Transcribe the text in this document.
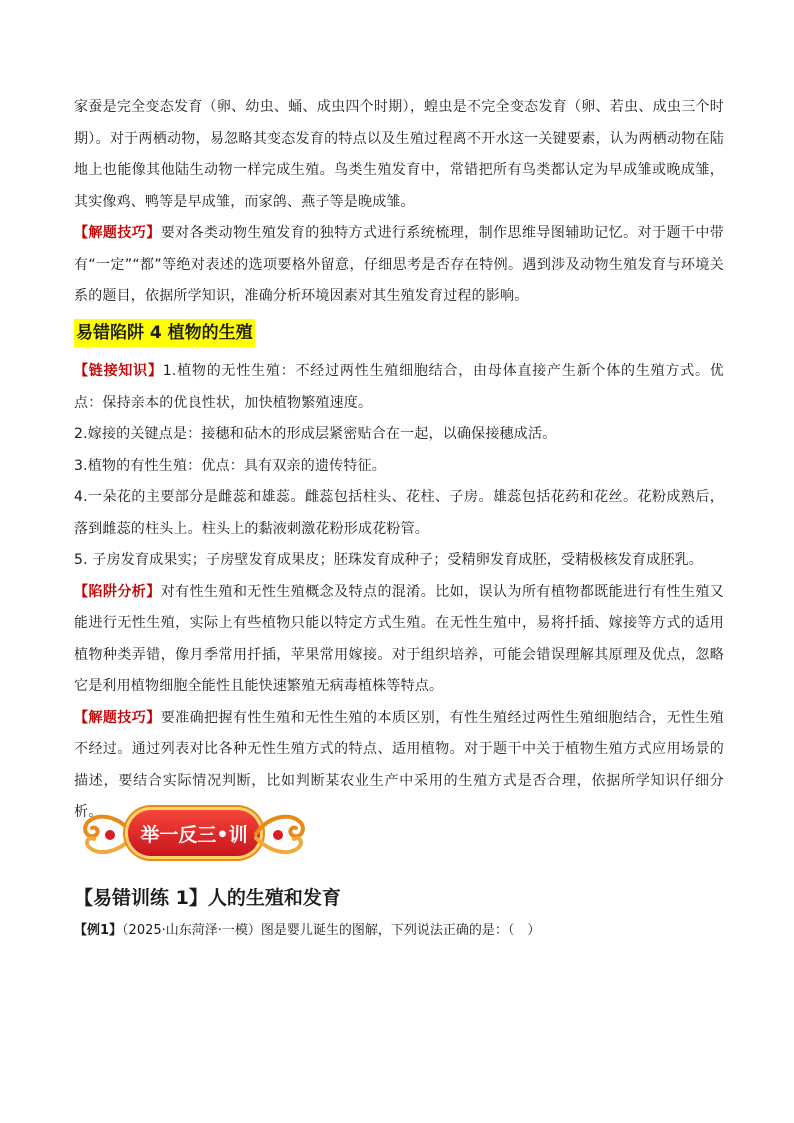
家蚕是完全变态发育（卵、幼虫、蛹、成虫四个时期），蝗虫是不完全变态发育（卵、若虫、成虫三个时期）。对于两栖动物，易忽略其变态发育的特点以及生殖过程离不开水这一关键要素，认为两栖动物在陆地上也能像其他陆生动物一样完成生殖。鸟类生殖发育中，常错把所有鸟类都认定为早成雏或晚成雏，其实像鸡、鸭等是早成雏，而家鸽、燕子等是晚成雏。

【解题技巧】要对各类动物生殖发育的独特方式进行系统梳理，制作思维导图辅助记忆。对于题干中带有“一定”“都”等绝对表述的选项要格外留意，仔细思考是否存在特例。遇到涉及动物生殖发育与环境关系的题目，依据所学知识，准确分析环境因素对其生殖发育过程的影响。

易错陷阱 4 植物的生殖

【链接知识】1.植物的无性生殖：不经过两性生殖细胞结合，由母体直接产生新个体的生殖方式。优点：保持亲本的优良性状，加快植物繁殖速度。

2.嫁接的关键点是：接穗和砧木的形成层紧密贴合在一起，以确保接穗成活。

3.植物的有性生殖：优点：具有双亲的遗传特征。

4.一朵花的主要部分是雌蕊和雄蕊。雌蕊包括柱头、花柱、子房。雄蕊包括花药和花丝。花粉成熟后，落到雌蕊的柱头上。柱头上的黏液刺激花粉形成花粉管。

5. 子房发育成果实；子房壁发育成果皮；胚珠发育成种子；受精卵发育成胚，受精极核发育成胚乳。

【陷阱分析】对有性生殖和无性生殖概念及特点的混淆。比如，误认为所有植物都既能进行有性生殖又能进行无性生殖，实际上有些植物只能以特定方式生殖。在无性生殖中，易将扦插、嫁接等方式的适用植物种类弄错，像月季常用扦插，苹果常用嫁接。对于组织培养，可能会错误理解其原理及优点，忽略它是利用植物细胞全能性且能快速繁殖无病毒植株等特点。

【解题技巧】要准确把握有性生殖和无性生殖的本质区别，有性生殖经过两性生殖细胞结合，无性生殖不经过。通过列表对比各种无性生殖方式的特点、适用植物。对于题干中关于植物生殖方式应用场景的描述，要结合实际情况判断，比如判断某农业生产中采用的生殖方式是否合理，依据所学知识仔细分析。

举一反三•训
【易错训练 1】人的生殖和发育
【例1】（2025·山东菏泽·一模）图是婴儿诞生的图解，下列说法正确的是：（　）
